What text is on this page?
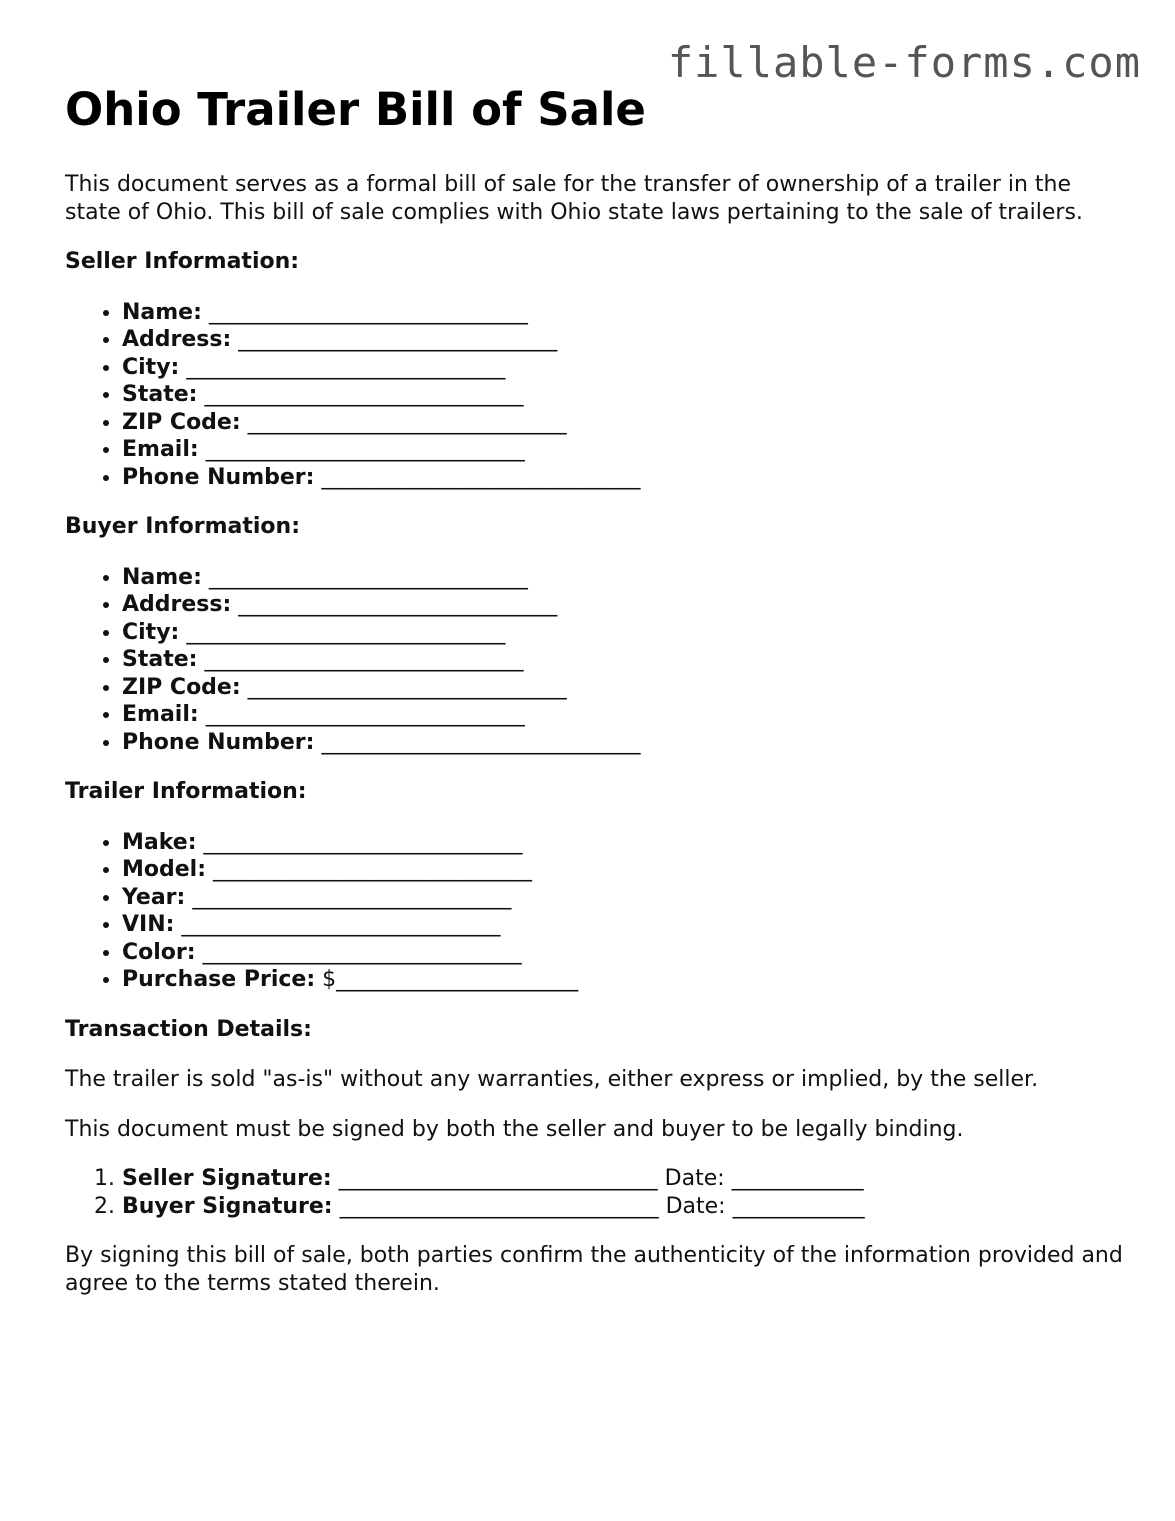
fillable-forms.com
Ohio Trailer Bill of Sale

This document serves as a formal bill of sale for the transfer of ownership of a trailer in the state of Ohio. This bill of sale complies with Ohio state laws pertaining to the sale of trailers.

Seller Information:
• Name: _____________________________
• Address: _____________________________
• City: _____________________________
• State: _____________________________
• ZIP Code: _____________________________
• Email: _____________________________
• Phone Number: _____________________________
Buyer Information:
• Name: _____________________________
• Address: _____________________________
• City: _____________________________
• State: _____________________________
• ZIP Code: _____________________________
• Email: _____________________________
• Phone Number: _____________________________
Trailer Information:
• Make: _____________________________
• Model: _____________________________
• Year: _____________________________
• VIN: _____________________________
• Color: _____________________________
• Purchase Price: $______________________
Transaction Details:

The trailer is sold "as-is" without any warranties, either express or implied, by the seller.

This document must be signed by both the seller and buyer to be legally binding.

1. Seller Signature: _____________________________ Date: ____________
2. Buyer Signature: _____________________________ Date: ____________

By signing this bill of sale, both parties confirm the authenticity of the information provided and agree to the terms stated therein.
